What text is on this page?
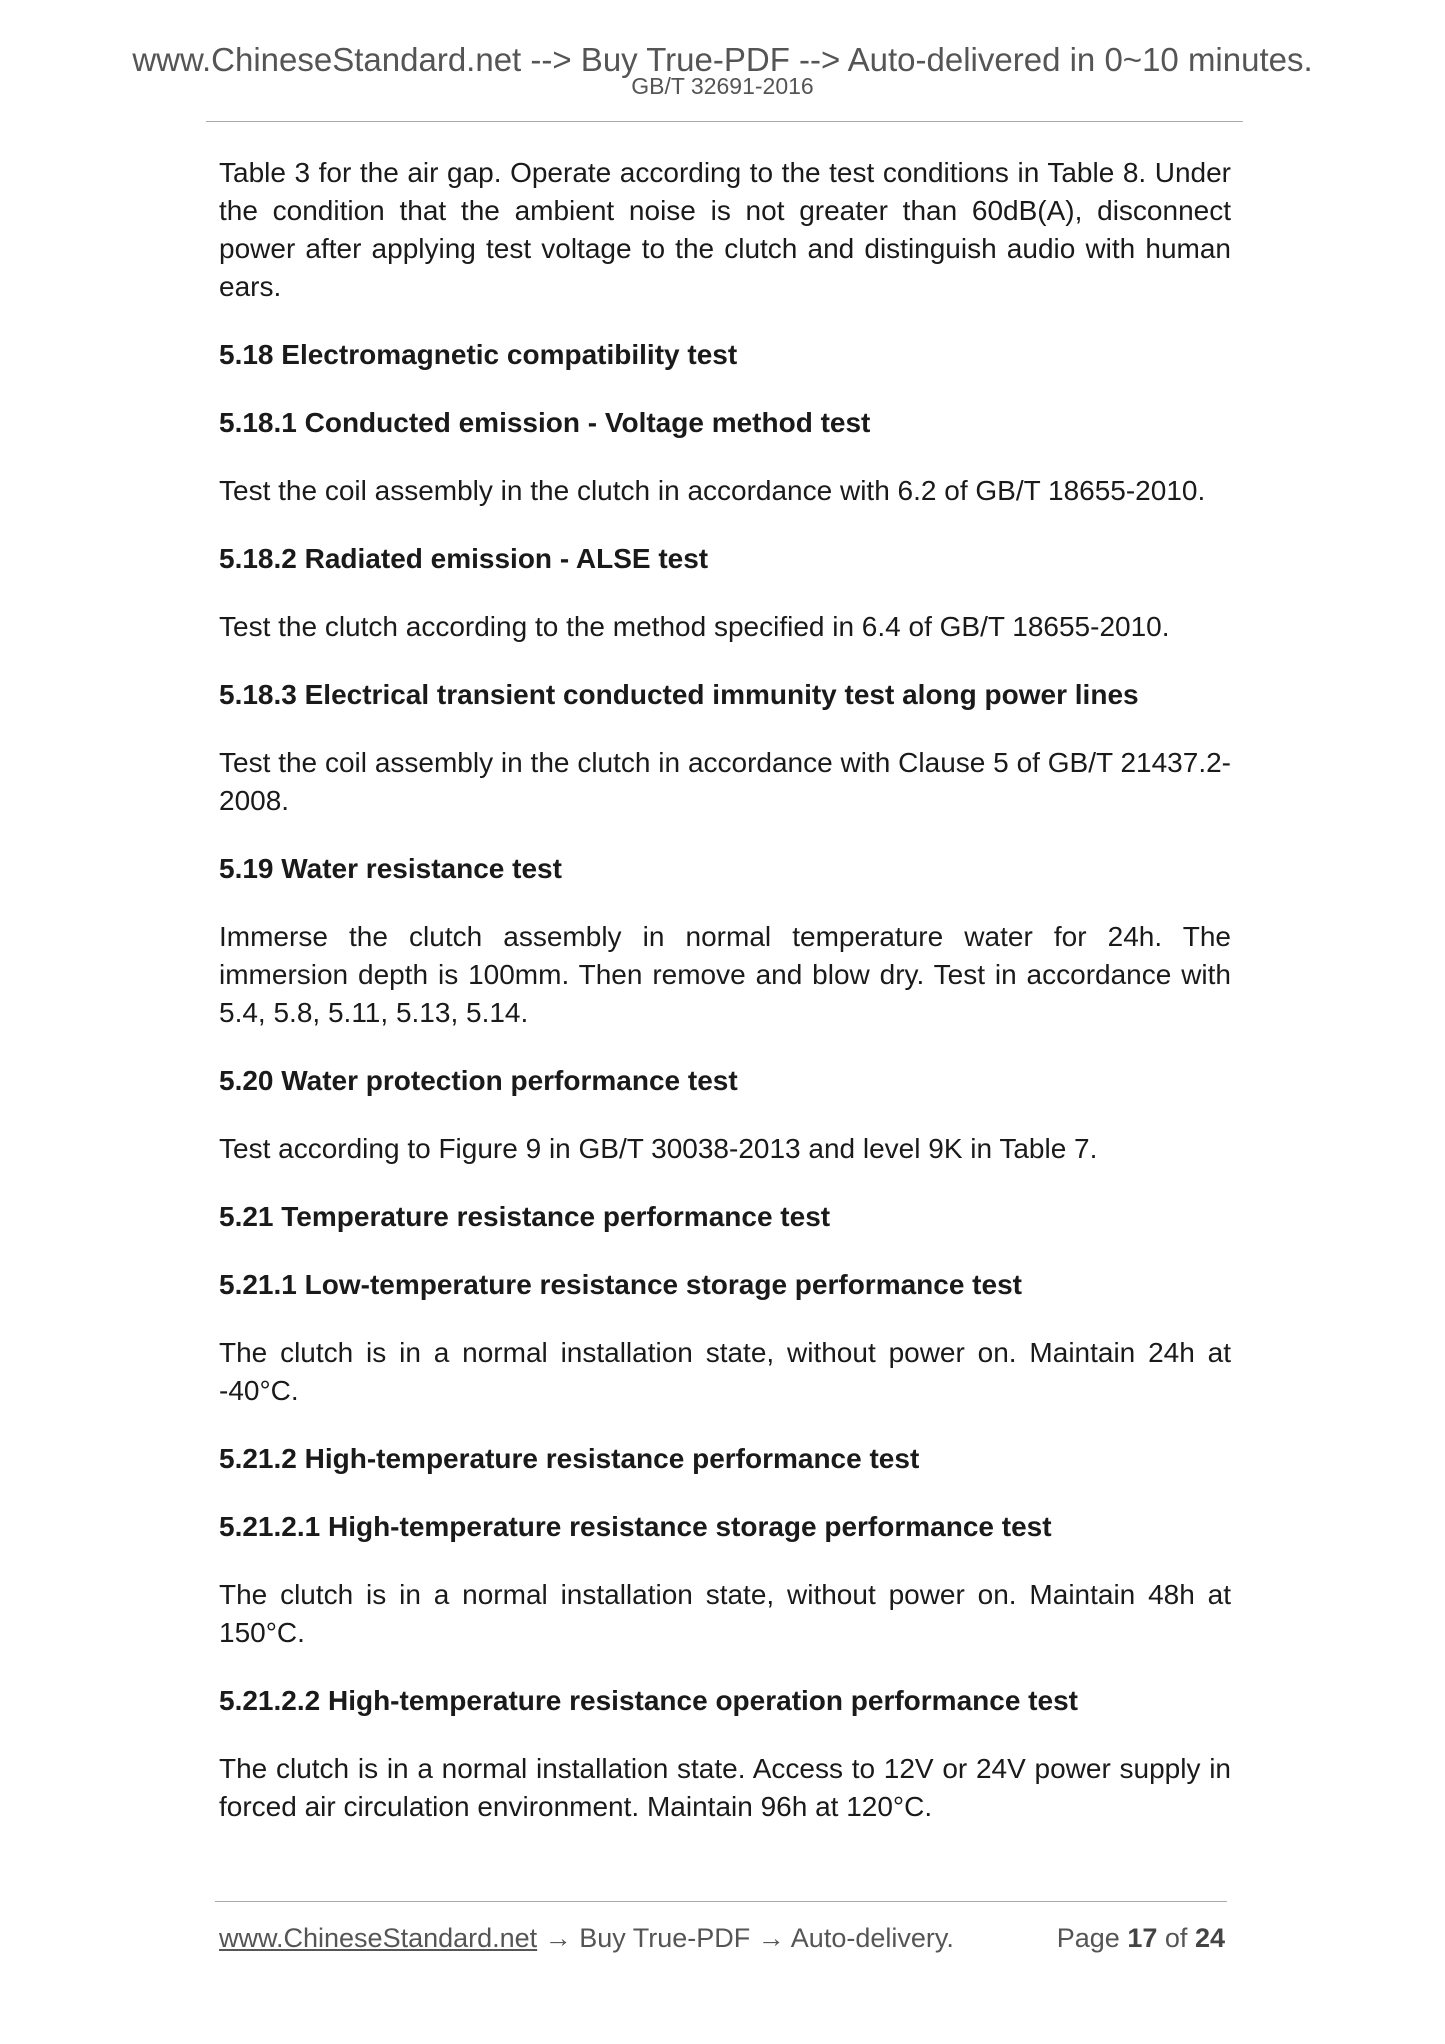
www.ChineseStandard.net --> Buy True-PDF --> Auto-delivered in 0~10 minutes.
GB/T 32691-2016

Table 3 for the air gap. Operate according to the test conditions in Table 8. Under the condition that the ambient noise is not greater than 60dB(A), disconnect power after applying test voltage to the clutch and distinguish audio with human ears.

5.18 Electromagnetic compatibility test
5.18.1 Conducted emission - Voltage method test

Test the coil assembly in the clutch in accordance with 6.2 of GB/T 18655-2010.

5.18.2 Radiated emission - ALSE test

Test the clutch according to the method specified in 6.4 of GB/T 18655-2010.

5.18.3 Electrical transient conducted immunity test along power lines

Test the coil assembly in the clutch in accordance with Clause 5 of GB/T 21437.2-2008.

5.19 Water resistance test

Immerse the clutch assembly in normal temperature water for 24h. The immersion depth is 100mm. Then remove and blow dry. Test in accordance with 5.4, 5.8, 5.11, 5.13, 5.14.

5.20 Water protection performance test

Test according to Figure 9 in GB/T 30038-2013 and level 9K in Table 7.

5.21 Temperature resistance performance test
5.21.1 Low-temperature resistance storage performance test

The clutch is in a normal installation state, without power on. Maintain 24h at -40°C.

5.21.2 High-temperature resistance performance test
5.21.2.1 High-temperature resistance storage performance test

The clutch is in a normal installation state, without power on. Maintain 48h at 150°C.

5.21.2.2 High-temperature resistance operation performance test

The clutch is in a normal installation state. Access to 12V or 24V power supply in forced air circulation environment. Maintain 96h at 120°C.

www.ChineseStandard.net → Buy True-PDF → Auto-delivery.	Page 17 of 24
